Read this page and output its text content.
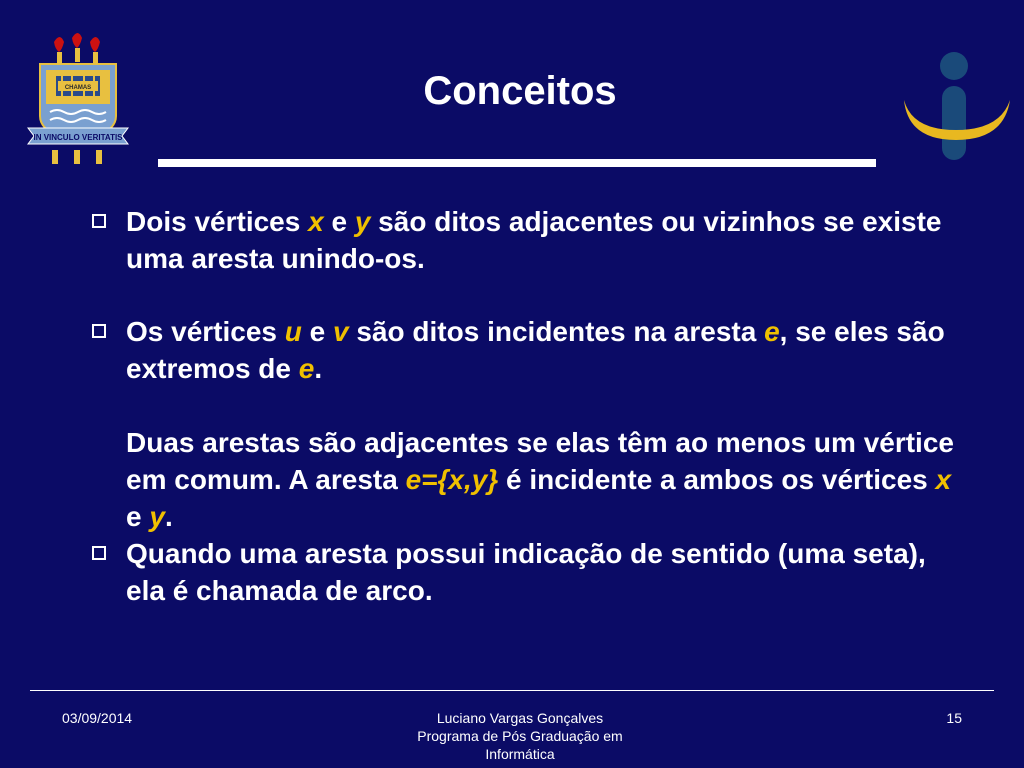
CHAMAS
IN VINCULO VERITATIS
Conceitos
Dois vértices x e y são ditos adjacentes ou vizinhos se existe uma aresta unindo-os.
Os vértices u e v são ditos incidentes na aresta e, se eles são extremos de e.
Duas arestas são adjacentes se elas têm ao menos um vértice em comum. A aresta e={x,y} é incidente a ambos os vértices x e y.
Quando uma aresta possui indicação de sentido (uma seta), ela é chamada de arco.
03/09/2014	Luciano Vargas Gonçalves
Programa de Pós Graduação em
Informática
15
